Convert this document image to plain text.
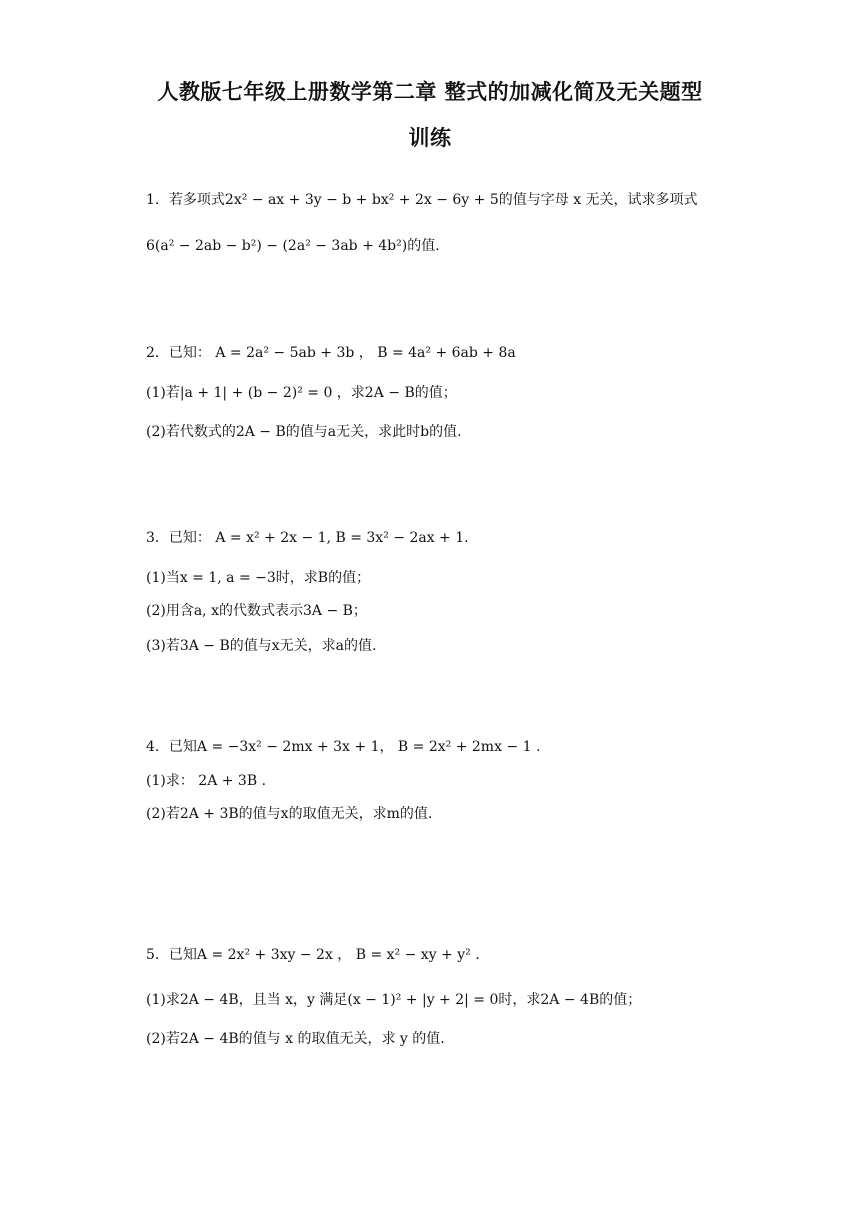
人教版七年级上册数学第二章 整式的加减化简及无关题型
训练
1．若多项式2x² − ax + 3y − b + bx² + 2x − 6y + 5的值与字母 x 无关，试求多项式
6(a² − 2ab − b²) − (2a² − 3ab + 4b²)的值.
2．已知： A = 2a² − 5ab + 3b ， B = 4a² + 6ab + 8a
(1)若|a + 1| + (b − 2)² = 0 ，求2A − B的值；
(2)若代数式的2A − B的值与a无关，求此时b的值.
3．已知： A = x² + 2x − 1, B = 3x² − 2ax + 1.
(1)当x = 1, a = −3时，求B的值；
(2)用含a, x的代数式表示3A − B；
(3)若3A − B的值与x无关，求a的值.
4．已知A = −3x² − 2mx + 3x + 1， B = 2x² + 2mx − 1 .
(1)求： 2A + 3B .
(2)若2A + 3B的值与x的取值无关，求m的值.
5．已知A = 2x² + 3xy − 2x ， B = x² − xy + y² .
(1)求2A − 4B，且当 x，y 满足(x − 1)² + |y + 2| = 0时，求2A − 4B的值；
(2)若2A − 4B的值与 x 的取值无关，求 y 的值.
